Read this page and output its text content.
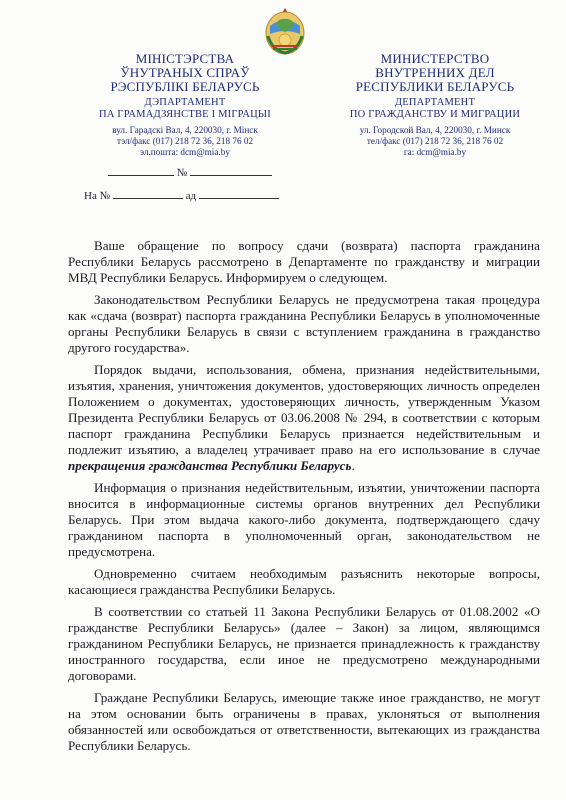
МІНІСТЭРСТВА
ЎНУТРАНЫХ СПРАЎ
РЭСПУБЛІКІ БЕЛАРУСЬ
ДЭПАРТАМЕНТ
ПА ГРАМАДЗЯНСТВЕ І МІГРАЦЫІ
вул. Гарадскі Вал, 4, 220030, г. Мінск
тэл/факс (017) 218 72 36, 218 76 02
эл.пошта: dcm@mia.by
МИНИСТЕРСТВО
ВНУТРЕННИХ ДЕЛ
РЕСПУБЛИКИ БЕЛАРУСЬ
ДЕПАРТАМЕНТ
ПО ГРАЖДАНСТВУ И МИГРАЦИИ
ул. Городской Вал, 4, 220030, г. Минск
тел/факс (017) 218 72 36, 218 76 02
га: dcm@mia.by
№
На №	ад

Ваше обращение по вопросу сдачи (возврата) паспорта гражданина Республики Беларусь рассмотрено в Департаменте по гражданству и миграции МВД Республики Беларусь. Информируем о следующем.

Законодательством Республики Беларусь не предусмотрена такая процедура как «сдача (возврат) паспорта гражданина Республики Беларусь в уполномоченные органы Республики Беларусь в связи с вступлением гражданина в гражданство другого государства».

Порядок выдачи, использования, обмена, признания недействительными, изъятия, хранения, уничтожения документов, удостоверяющих личность определен Положением о документах, удостоверяющих личность, утвержденным Указом Президента Республики Беларусь от 03.06.2008 № 294, в соответствии с которым паспорт гражданина Республики Беларусь признается недействительным и подлежит изъятию, а владелец утрачивает право на его использование в случае прекращения гражданства Республики Беларусь.

Информация о признания недействительным, изъятии, уничтожении паспорта вносится в информационные системы органов внутренних дел Республики Беларусь. При этом выдача какого-либо документа, подтверждающего сдачу гражданином паспорта в уполномоченный орган, законодательством не предусмотрена.

Одновременно считаем необходимым разъяснить некоторые вопросы, касающиеся гражданства Республики Беларусь.

В соответствии со статьей 11 Закона Республики Беларусь от 01.08.2002 «О гражданстве Республики Беларусь» (далее – Закон) за лицом, являющимся гражданином Республики Беларусь, не признается принадлежность к гражданству иностранного государства, если иное не предусмотрено международными договорами.

Граждане Республики Беларусь, имеющие также иное гражданство, не могут на этом основании быть ограничены в правах, уклоняться от выполнения обязанностей или освобождаться от ответственности, вытекающих из гражданства Республики Беларусь.
